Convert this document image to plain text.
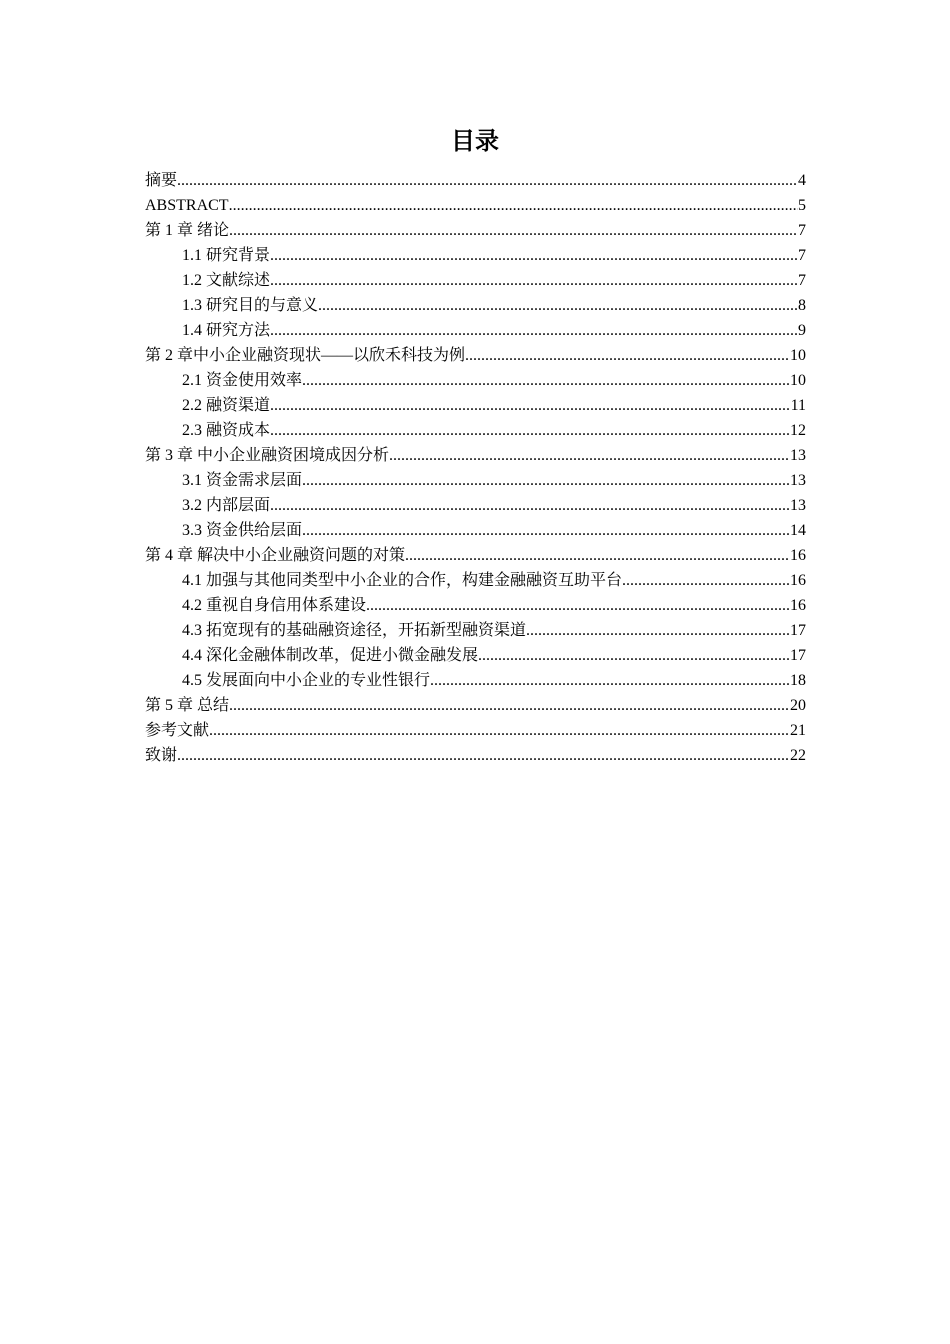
目录
摘要 .....	4
ABSTRACT .....	5
第 1 章 绪论 .....	7
1.1 研究背景 .....	7
1.2 文献综述 .....	7
1.3 研究目的与意义 .....	8
1.4 研究方法 .....	9
第 2 章中小企业融资现状——以欣禾科技为例 .....	10
2.1 资金使用效率 .....	10
2.2 融资渠道 .....	11
2.3 融资成本 .....	12
第 3 章 中小企业融资困境成因分析 .....	13
3.1 资金需求层面 .....	13
3.2 内部层面 .....	13
3.3 资金供给层面 .....	14
第 4 章 解决中小企业融资问题的对策 .....	16
4.1 加强与其他同类型中小企业的合作，构建金融融资互助平台 .....	16
4.2 重视自身信用体系建设 .....	16
4.3 拓宽现有的基础融资途径，开拓新型融资渠道 .....	17
4.4 深化金融体制改革，促进小微金融发展 .....	17
4.5 发展面向中小企业的专业性银行 .....	18
第 5 章 总结 .....	20
参考文献 .....	21
致谢 .....	22
